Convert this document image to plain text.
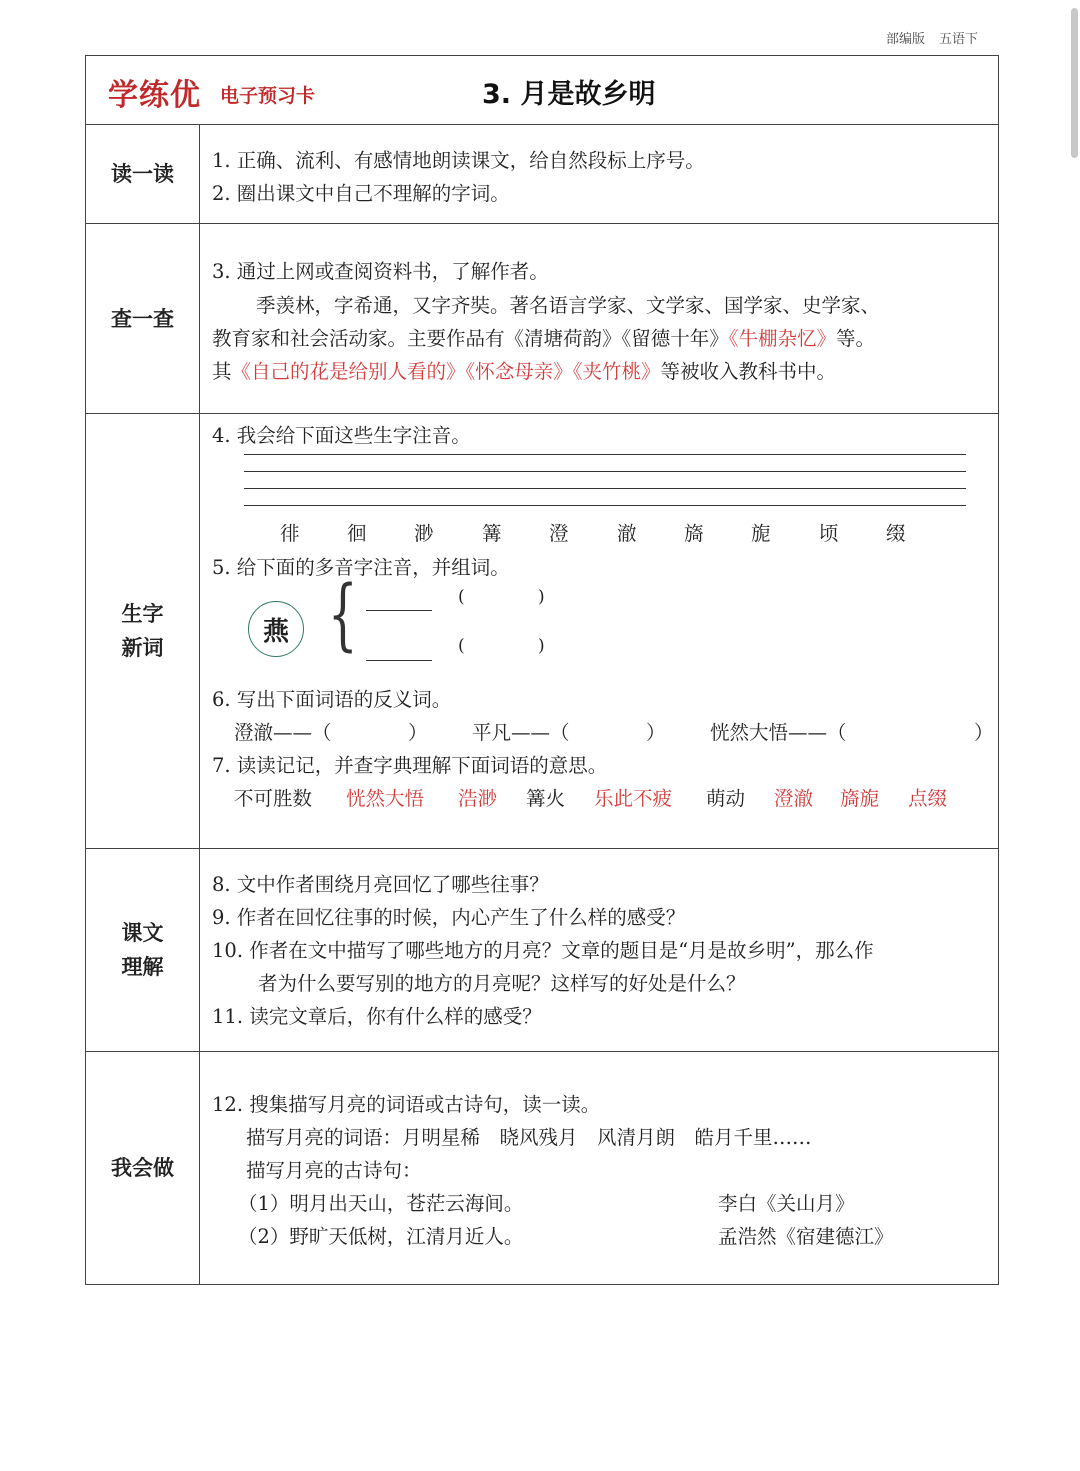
部编版 五语下
学练优 电子预习卡	3. 月是故乡明
读一读
1. 正确、流利、有感情地朗读课文，给自然段标上序号。
2. 圈出课文中自己不理解的字词。
查一查
3. 通过上网或查阅资料书，了解作者。
季羡林，字希通，又字齐奘。著名语言学家、文学家、国学家、史学家、
教育家和社会活动家。主要作品有《清塘荷韵》《留德十年》《牛棚杂忆》等。
其《自己的花是给别人看的》《怀念母亲》《夹竹桃》等被收入教科书中。
生字
新词
4. 我会给下面这些生字注音。
徘 徊 渺 篝 澄 澈 旖 旎 顷 缀
5. 给下面的多音字注音，并组词。
燕 {	(	)
(	)
6. 写出下面词语的反义词。
澄澈——（	） 平凡——（	） 恍然大悟——（	）
7. 读读记记，并查字典理解下面词语的意思。
不可胜数 恍然大悟 浩渺 篝火 乐此不疲 萌动 澄澈 旖旎 点缀
课文
理解
8. 文中作者围绕月亮回忆了哪些往事？
9. 作者在回忆往事的时候，内心产生了什么样的感受？
10. 作者在文中描写了哪些地方的月亮？文章的题目是“月是故乡明”，那么作
者为什么要写别的地方的月亮呢？这样写的好处是什么？
11. 读完文章后，你有什么样的感受？
我会做
12. 搜集描写月亮的词语或古诗句，读一读。
描写月亮的词语：月明星稀　晓风残月　风清月朗　皓月千里……
描写月亮的古诗句：
（1）明月出天山，苍茫云海间。	李白《关山月》
（2）野旷天低树，江清月近人。	孟浩然《宿建德江》
